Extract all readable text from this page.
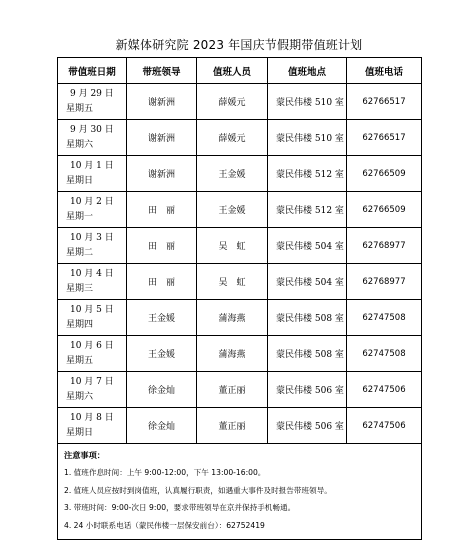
新媒体研究院 2023 年国庆节假期带值班计划
带值班日期	带班领导	值班人员	值班地点	值班电话

9 月 29 日
星期五	谢新洲	薛媛元	蒙民伟楼 510 室	62766517

9 月 30 日
星期六	谢新洲	薛媛元	蒙民伟楼 510 室	62766517

10 月 1 日
星期日	谢新洲	王金媛	蒙民伟楼 512 室	62766509

10 月 2 日
星期一	田　丽	王金媛	蒙民伟楼 512 室	62766509

10 月 3 日
星期二	田　丽	吴　虹	蒙民伟楼 504 室	62768977

10 月 4 日
星期三	田　丽	吴　虹	蒙民伟楼 504 室	62768977

10 月 5 日
星期四	王金媛	蒲海燕	蒙民伟楼 508 室	62747508

10 月 6 日
星期五	王金媛	蒲海燕	蒙民伟楼 508 室	62747508

10 月 7 日
星期六	徐金灿	董正丽	蒙民伟楼 506 室	62747506

10 月 8 日
星期日	徐金灿	董正丽	蒙民伟楼 506 室	62747506

注意事项：
1. 值班作息时间：上午 9:00-12:00，下午 13:00-16:00。
2. 值班人员应按时到岗值班，认真履行职责，如遇重大事件及时报告带班领导。
3. 带班时间：9:00-次日 9:00，要求带班领导在京并保持手机畅通。
4. 24 小时联系电话（蒙民伟楼一层保安前台）：62752419				
